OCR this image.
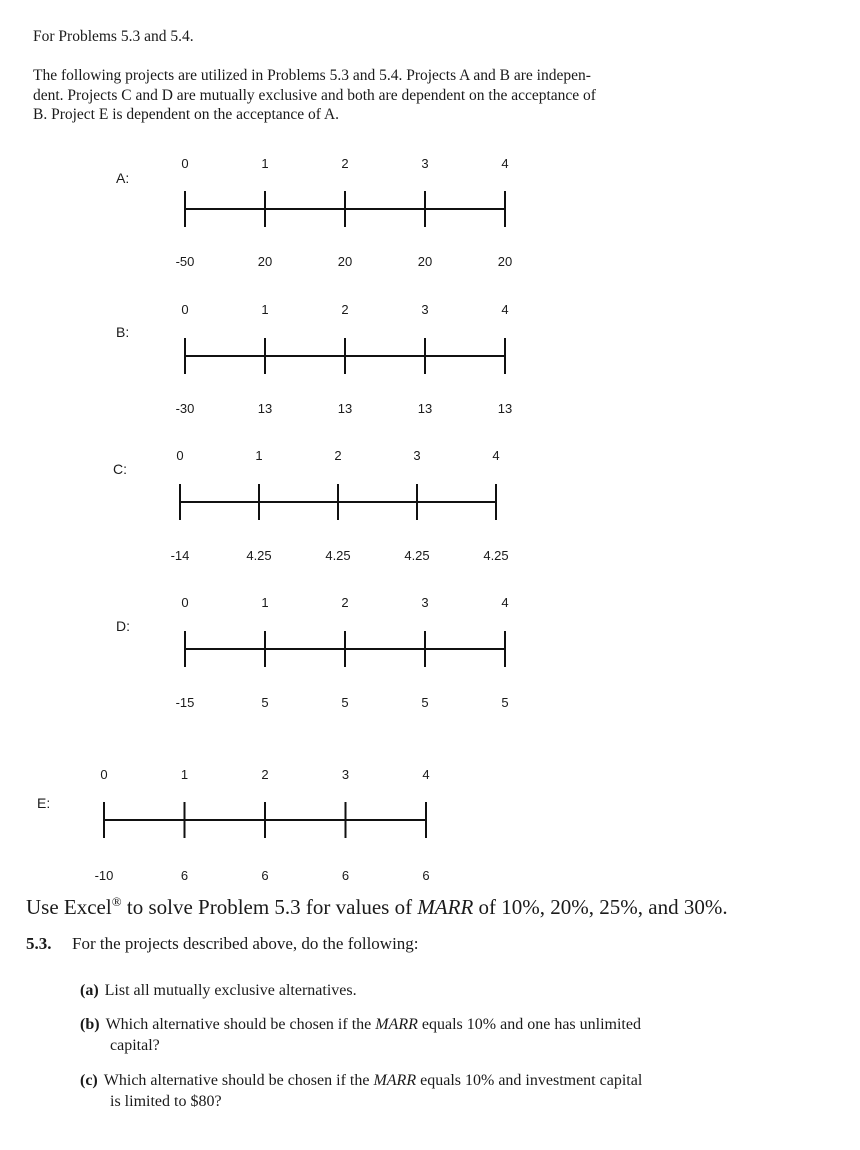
For Problems 5.3 and 5.4.
The following projects are utilized in Problems 5.3 and 5.4. Projects A and B are indepen-
dent. Projects C and D are mutually exclusive and both are dependent on the acceptance of
B. Project E is dependent on the acceptance of A.
A:
0
-50
1
20
2
20
3
20
4
20
B:
0
-30
1
13
2
13
3
13
4
13
C:
0
-14
1
4.25
2
4.25
3
4.25
4
4.25
D:
0
-15
1
5
2
5
3
5
4
5
E:
0
-10
1
6
2
6
3
6
4
6
Use Excel® to solve Problem 5.3 for values of MARR of 10%, 20%, 25%, and 30%.
5.3. For the projects described above, do the following:
(a) List all mutually exclusive alternatives.
(b) Which alternative should be chosen if the MARR equals 10% and one has unlimited
capital?
(c) Which alternative should be chosen if the MARR equals 10% and investment capital
is limited to $80?
